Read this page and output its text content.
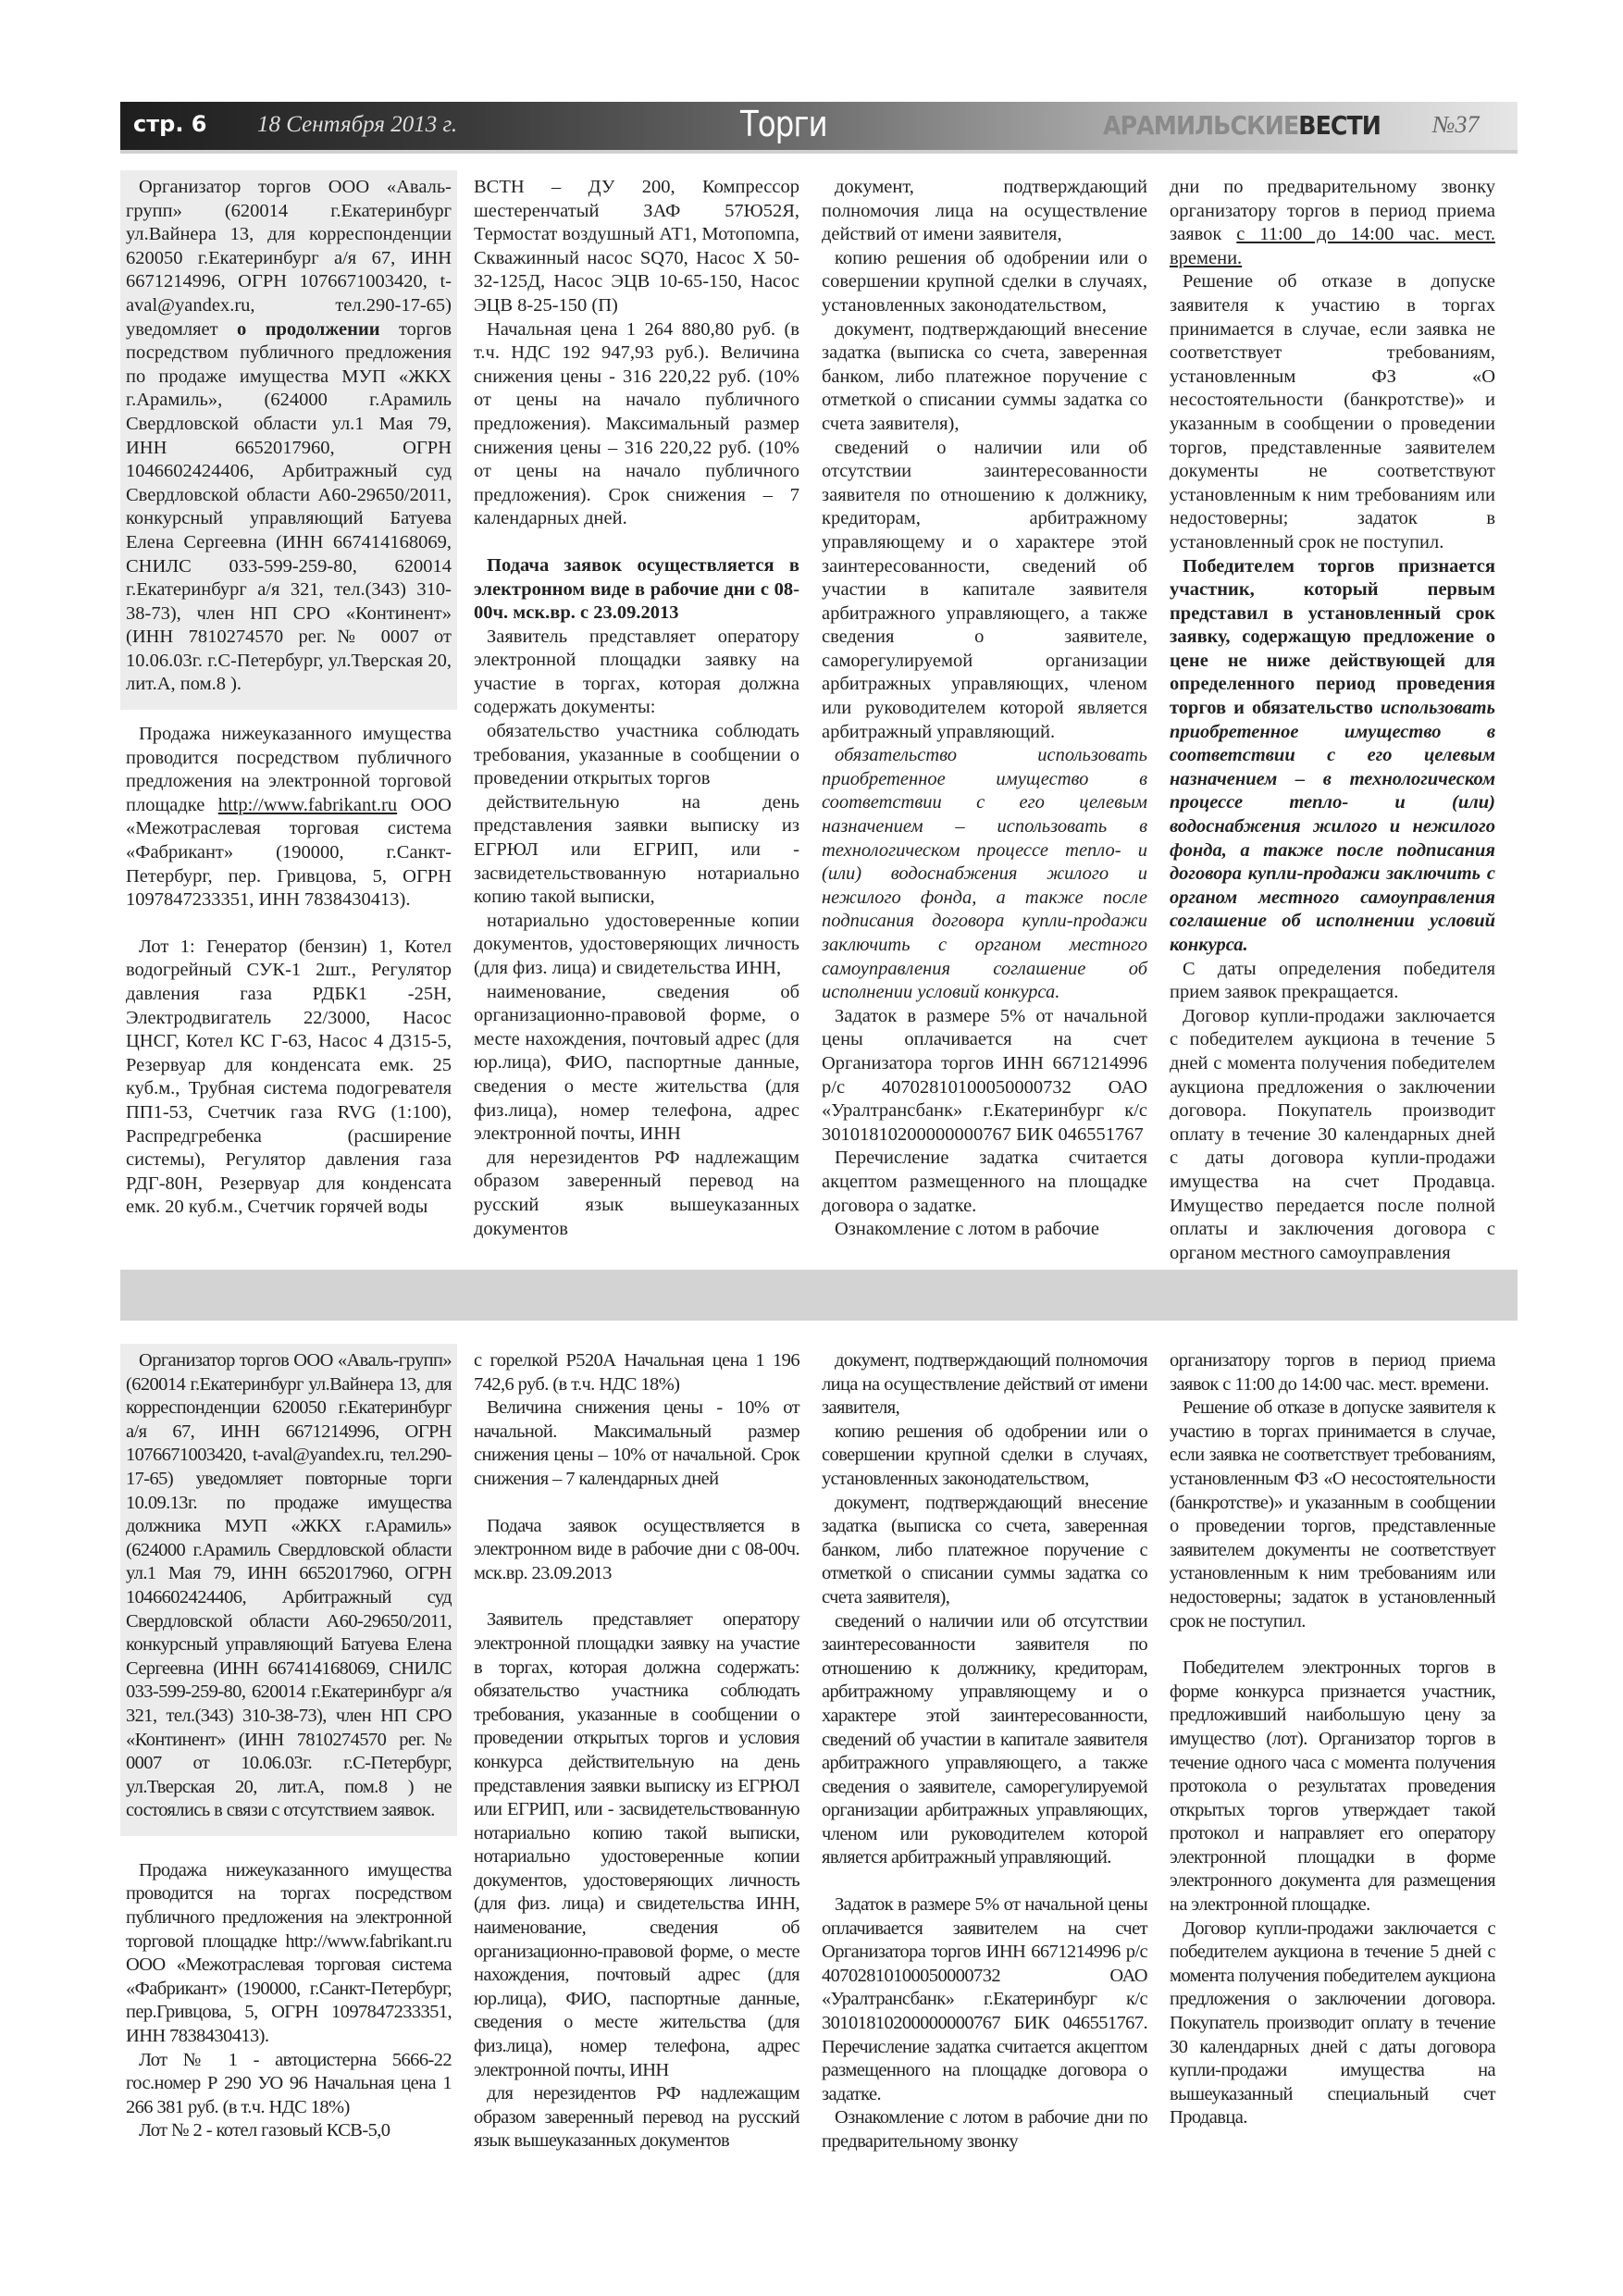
стр. 6 18 Сентября 2013 г.	Торги	АРАМИЛЬСКИЕВЕСТИ №37

Организатор торгов ООО «Аваль-групп» (620014 г.Екатеринбург ул.Вайнера 13, для корреспонденции 620050 г.Екатеринбург а/я 67, ИНН 6671214996, ОГРН 1076671003420, t-aval@yandex.ru, тел.290-17-65) уведомляет о продолжении торгов посредством публичного предложения по продаже имущества МУП «ЖКХ г.Арамиль», (624000 г.Арамиль Свердловской области ул.1 Мая 79, ИНН 6652017960, ОГРН 1046602424406, Арбитражный суд Свердловской области А60-29650/2011, конкурсный управляющий Батуева Елена Сергеевна (ИНН 667414168069, СНИЛС 033-599-259-80, 620014 г.Екатеринбург а/я 321, тел.(343) 310-38-73), член НП СРО «Континент» (ИНН 7810274570 рег.№ 0007 от 10.06.03г. г.С-Петербург, ул.Тверская 20, лит.А, пом.8 ).

Продажа нижеуказанного имущества проводится посредством публичного предложения на электронной торговой площадке http://www.fabrikant.ru ООО «Межотраслевая торговая система «Фабрикант» (190000, г.Санкт-Петербург, пер. Гривцова, 5, ОГРН 1097847233351, ИНН 7838430413).

Лот 1: Генератор (бензин) 1, Котел водогрейный СУК-1 2шт., Регулятор давления газа РДБК1 -25Н, Электродвигатель 22/3000, Насос ЦНСГ, Котел КС Г-63, Насос 4 Д315-5, Резервуар для конденсата емк. 25 куб.м., Трубная система подогревателя ПП1-53, Счетчик газа RVG (1:100), Распредгребенка (расширение системы), Регулятор давления газа РДГ-80Н, Резервуар для конденсата емк. 20 куб.м., Счетчик горячей воды

ВСТН – ДУ 200, Компрессор шестеренчатый ЗАФ 57Ю52Я, Термостат воздушный АТ1, Мотопомпа, Скважинный насос SQ70, Насос Х 50-32-125Д, Насос ЭЦВ 10-65-150, Насос ЭЦВ 8-25-150 (П)

Начальная цена 1 264 880,80 руб. (в т.ч. НДС 192 947,93 руб.). Величина снижения цены - 316 220,22 руб. (10% от цены на начало публичного предложения). Максимальный размер снижения цены – 316 220,22 руб. (10% от цены на начало публичного предложения). Срок снижения – 7 календарных дней.

Подача заявок осуществляется в электронном виде в рабочие дни с 08-00ч. мск.вр. с 23.09.2013

Заявитель представляет оператору электронной площадки заявку на участие в торгах, которая должна содержать документы:

обязательство участника соблюдать требования, указанные в сообщении о проведении открытых торгов

действительную на день представления заявки выписку из ЕГРЮЛ или ЕГРИП, или - засвидетельствованную нотариально копию такой выписки,

нотариально удостоверенные копии документов, удостоверяющих личность (для физ. лица) и свидетельства ИНН,

наименование, сведения об организационно-правовой форме, о месте нахождения, почтовый адрес (для юр.лица), ФИО, паспортные данные, сведения о месте жительства (для физ.лица), номер телефона, адрес электронной почты, ИНН

для нерезидентов РФ надлежащим образом заверенный перевод на русский язык вышеуказанных документов

документ, подтверждающий полномочия лица на осуществление действий от имени заявителя,

копию решения об одобрении или о совершении крупной сделки в случаях, установленных законодательством,

документ, подтверждающий внесение задатка (выписка со счета, заверенная банком, либо платежное поручение с отметкой о списании суммы задатка со счета заявителя),

сведений о наличии или об отсутствии заинтересованности заявителя по отношению к должнику, кредиторам, арбитражному управляющему и о характере этой заинтересованности, сведений об участии в капитале заявителя арбитражного управляющего, а также сведения о заявителе, саморегулируемой организации арбитражных управляющих, членом или руководителем которой является арбитражный управляющий.

обязательство использовать приобретенное имущество в соответствии с его целевым назначением – использовать в технологическом процессе тепло- и (или) водоснабжения жилого и нежилого фонда, а также после подписания договора купли-продажи заключить с органом местного самоуправления соглашение об исполнении условий конкурса.

Задаток в размере 5% от начальной цены оплачивается на счет Организатора торгов ИНН 6671214996 р/с 40702810100050000732 ОАО «Уралтрансбанк» г.Екатеринбург к/с 30101810200000000767 БИК 046551767

Перечисление задатка считается акцептом размещенного на площадке договора о задатке.

Ознакомление с лотом в рабочие

дни по предварительному звонку организатору торгов в период приема заявок с 11:00 до 14:00 час. мест. времени.

Решение об отказе в допуске заявителя к участию в торгах принимается в случае, если заявка не соответствует требованиям, установленным ФЗ «О несостоятельности (банкротстве)» и указанным в сообщении о проведении торгов, представленные заявителем документы не соответствуют установленным к ним требованиям или недостоверны; задаток в установленный срок не поступил.

Победителем торгов признается участник, который первым представил в установленный срок заявку, содержащую предложение о цене не ниже действующей для определенного период проведения торгов и обязательство использовать приобретенное имущество в соответствии с его целевым назначением – в технологическом процессе тепло- и (или) водоснабжения жилого и нежилого фонда, а также после подписания договора купли-продажи заключить с органом местного самоуправления соглашение об исполнении условий конкурса.

С даты определения победителя прием заявок прекращается.

Договор купли-продажи заключается с победителем аукциона в течение 5 дней с момента получения победителем аукциона предложения о заключении договора. Покупатель производит оплату в течение 30 календарных дней с даты договора купли-продажи имущества на счет Продавца. Имущество передается после полной оплаты и заключения договора с органом местного самоуправления

Организатор торгов ООО «Аваль-групп» (620014 г.Екатеринбург ул.Вайнера 13, для корреспонденции 620050 г.Екатеринбург а/я 67, ИНН 6671214996, ОГРН 1076671003420, t-aval@yandex.ru, тел.290-17-65) уведомляет повторные торги 10.09.13г. по продаже имущества должника МУП «ЖКХ г.Арамиль» (624000 г.Арамиль Свердловской области ул.1 Мая 79, ИНН 6652017960, ОГРН 1046602424406, Арбитражный суд Свердловской области А60-29650/2011, конкурсный управляющий Батуева Елена Сергеевна (ИНН 667414168069, СНИЛС 033-599-259-80, 620014 г.Екатеринбург а/я 321, тел.(343) 310-38-73), член НП СРО «Континент» (ИНН 7810274570 рег.№ 0007 от 10.06.03г. г.С-Петербург, ул.Тверская 20, лит.А, пом.8 ) не состоялись в связи с отсутствием заявок.

Продажа нижеуказанного имущества проводится на торгах посредством публичного предложения на электронной торговой площадке http://www.fabrikant.ru ООО «Межотраслевая торговая система «Фабрикант» (190000, г.Санкт-Петербург, пер.Гривцова, 5, ОГРН 1097847233351, ИНН 7838430413).

Лот № 1 - автоцистерна 5666-22 гос.номер Р 290 УО 96 Начальная цена 1 266 381 руб. (в т.ч. НДС 18%)

Лот № 2 - котел газовый КСВ-5,0

с горелкой Р520А Начальная цена 1 196 742,6 руб. (в т.ч. НДС 18%)

Величина снижения цены - 10% от начальной. Максимальный размер снижения цены – 10% от начальной. Срок снижения – 7 календарных дней

Подача заявок осуществляется в электронном виде в рабочие дни с 08-00ч. мск.вр. 23.09.2013

Заявитель представляет оператору электронной площадки заявку на участие в торгах, которая должна содержать: обязательство участника соблюдать требования, указанные в сообщении о проведении открытых торгов и условия конкурса действительную на день представления заявки выписку из ЕГРЮЛ или ЕГРИП, или - засвидетельствованную нотариально копию такой выписки, нотариально удостоверенные копии документов, удостоверяющих личность (для физ. лица) и свидетельства ИНН, наименование, сведения об организационно-правовой форме, о месте нахождения, почтовый адрес (для юр.лица), ФИО, паспортные данные, сведения о месте жительства (для физ.лица), номер телефона, адрес электронной почты, ИНН

для нерезидентов РФ надлежащим образом заверенный перевод на русский язык вышеуказанных документов

документ, подтверждающий полномочия лица на осуществление действий от имени заявителя,

копию решения об одобрении или о совершении крупной сделки в случаях, установленных законодательством,

документ, подтверждающий внесение задатка (выписка со счета, заверенная банком, либо платежное поручение с отметкой о списании суммы задатка со счета заявителя),

сведений о наличии или об отсутствии заинтересованности заявителя по отношению к должнику, кредиторам, арбитражному управляющему и о характере этой заинтересованности, сведений об участии в капитале заявителя арбитражного управляющего, а также сведения о заявителе, саморегулируемой организации арбитражных управляющих, членом или руководителем которой является арбитражный управляющий.

Задаток в размере 5% от начальной цены оплачивается заявителем на счет Организатора торгов ИНН 6671214996 р/с 40702810100050000732 ОАО «Уралтрансбанк» г.Екатеринбург к/с 30101810200000000767 БИК 046551767. Перечисление задатка считается акцептом размещенного на площадке договора о задатке.

Ознакомление с лотом в рабочие дни по предварительному звонку

организатору торгов в период приема заявок с 11:00 до 14:00 час. мест. времени.

Решение об отказе в допуске заявителя к участию в торгах принимается в случае, если заявка не соответствует требованиям, установленным ФЗ «О несостоятельности (банкротстве)» и указанным в сообщении о проведении торгов, представленные заявителем документы не соответствует установленным к ним требованиям или недостоверны; задаток в установленный срок не поступил.

Победителем электронных торгов в форме конкурса признается участник, предложивший наибольшую цену за имущество (лот). Организатор торгов в течение одного часа с момента получения протокола о результатах проведения открытых торгов утверждает такой протокол и направляет его оператору электронной площадки в форме электронного документа для размещения на электронной площадке.

Договор купли-продажи заключается с победителем аукциона в течение 5 дней с момента получения победителем аукциона предложения о заключении договора. Покупатель производит оплату в течение 30 календарных дней с даты договора купли-продажи имущества на вышеуказанный специальный счет Продавца.
